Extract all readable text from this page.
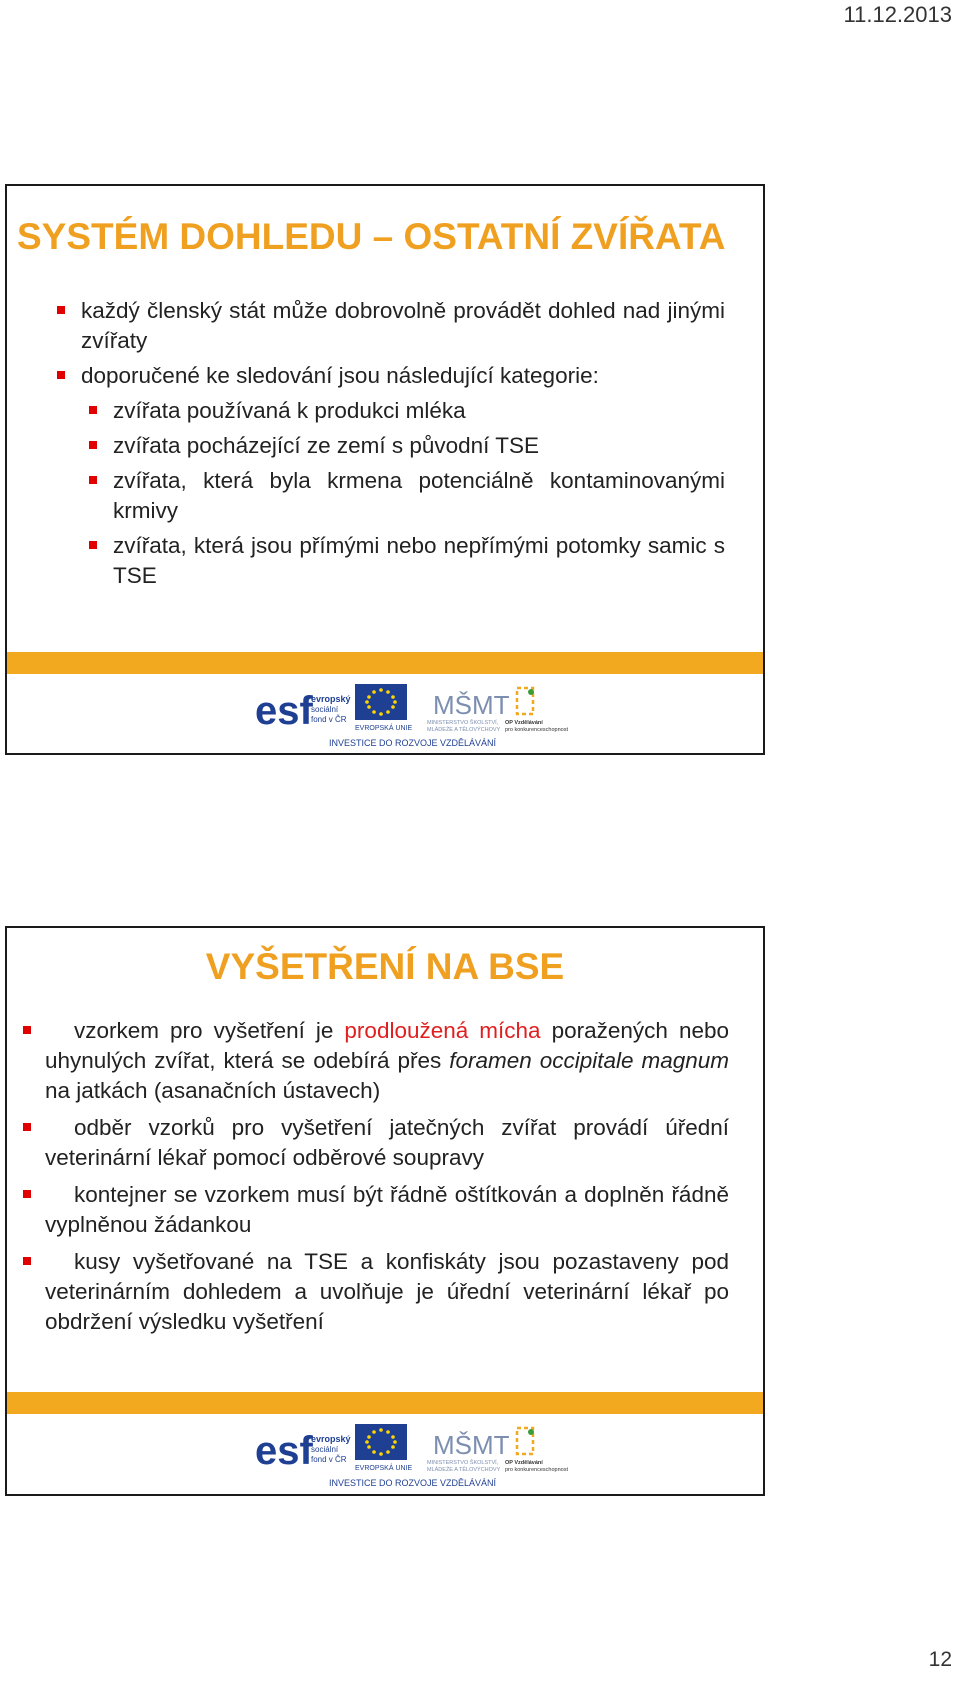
11.12.2013
SYSTÉM DOHLEDU – OSTATNÍ ZVÍŘATA
každý členský stát může dobrovolně provádět dohled nad jinými zvířaty
doporučené ke sledování jsou následující kategorie:
zvířata používaná k produkci mléka
zvířata pocházející ze zemí s původní TSE
zvířata, která byla krmena potenciálně kontaminovanými krmivy
zvířata, která jsou přímými nebo nepřímými potomky samic s TSE
esf
evropský
sociální
fond v ČR
EVROPSKÁ UNIE
MŠMT
MINISTERSTVO ŠKOLSTVÍ,
MLÁDEŽE A TĚLOVÝCHOVY
OP Vzdělávání
pro konkurenceschopnost
INVESTICE DO ROZVOJE VZDĚLÁVÁNÍ
VYŠETŘENÍ NA BSE
vzorkem pro vyšetření je prodloužená mícha poražených nebo uhynulých zvířat, která se odebírá přes foramen occipitale magnum na jatkách (asanačních ústavech)
odběr vzorků pro vyšetření jatečných zvířat provádí úřední veterinární lékař pomocí odběrové soupravy
kontejner se vzorkem musí být řádně oštítkován a doplněn řádně vyplněnou žádankou
kusy vyšetřované na TSE a konfiskáty jsou pozastaveny pod veterinárním dohledem a uvolňuje je úřední veterinární lékař po obdržení výsledku vyšetření
esf
evropský
sociální
fond v ČR
EVROPSKÁ UNIE
MŠMT
MINISTERSTVO ŠKOLSTVÍ,
MLÁDEŽE A TĚLOVÝCHOVY
OP Vzdělávání
pro konkurenceschopnost
INVESTICE DO ROZVOJE VZDĚLÁVÁNÍ
12
